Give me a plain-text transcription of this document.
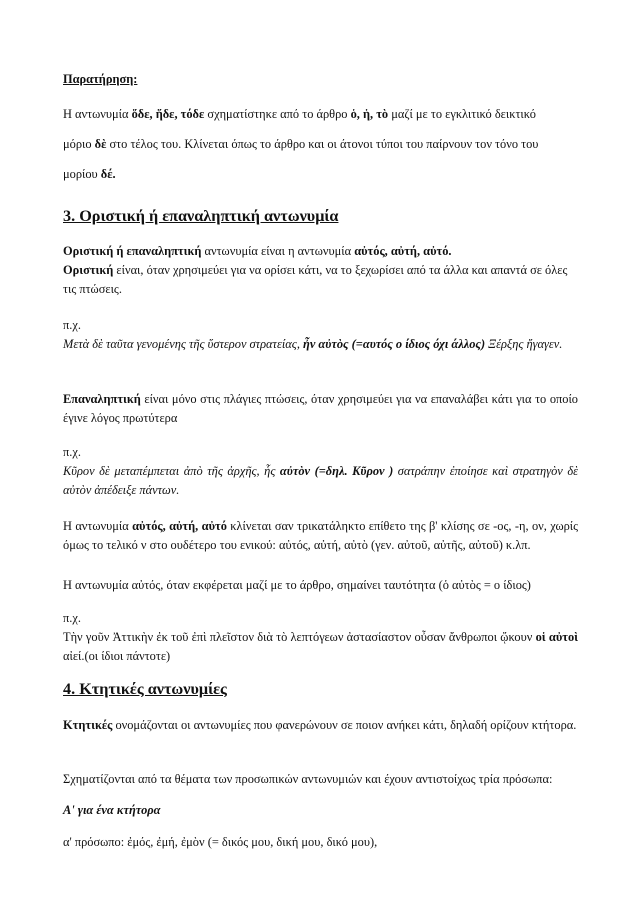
Παρατήρηση:
Η αντωνυμία ὅδε, ἥδε, τόδε σχηματίστηκε από το άρθρο ὁ, ἡ, τὸ μαζί με το εγκλιτικό δεικτικό
μόριο δὲ στο τέλος του. Κλίνεται όπως το άρθρο και οι άτονοι τύποι του παίρνουν τον τόνο του
μορίου δέ.
3. Οριστική ή επαναληπτική αντωνυμία
Οριστική ή επαναληπτική αντωνυμία είναι η αντωνυμία αὐτός, αὐτή, αὐτό.
Οριστική είναι, όταν χρησιμεύει για να ορίσει κάτι, να το ξεχωρίσει από τα άλλα και απαντά σε όλες τις πτώσεις.
π.χ.
Μετὰ δὲ ταῦτα γενομένης τῆς ὕστερον στρατείας, ἦν αὐτὸς (=αυτός ο ίδιος όχι άλλος) Ξέρξης ἤγαγεν.
Επαναληπτική είναι μόνο στις πλάγιες πτώσεις, όταν χρησιμεύει για να επαναλάβει κάτι για το οποίο έγινε λόγος πρωτύτερα
π.χ.
Κῦρον δὲ μεταπέμπεται ἀπὸ τῆς ἀρχῆς, ἧς αὐτὸν (=δηλ. Κῦρον ) σατράπην ἐποίησε καὶ στρατηγὸν δὲ αὐτὸν ἀπέδειξε πάντων.
Η αντωνυμία αὐτός, αὐτή, αὐτό κλίνεται σαν τρικατάληκτο επίθετο της β' κλίσης σε -ος, -η, ον, χωρίς όμως το τελικό ν στο ουδέτερο του ενικού: αὐτός, αὐτή, αὐτὸ (γεν. αὐτοῦ, αὐτῆς, αὐτοῦ) κ.λπ.
Η αντωνυμία αὐτός, όταν εκφέρεται μαζί με το άρθρο, σημαίνει ταυτότητα (ὁ αὐτὸς = ο ίδιος)
π.χ.
Τὴν γοῦν Ἀττικὴν ἐκ τοῦ ἐπὶ πλεῖστον διὰ τὸ λεπτόγεων ἀστασίαστον οὖσαν ἄνθρωποι ᾤκουν οἱ αὐτοὶ αἰεί.(οι ίδιοι πάντοτε)
4. Κτητικές αντωνυμίες
Κτητικές ονομάζονται οι αντωνυμίες που φανερώνουν σε ποιον ανήκει κάτι, δηλαδή ορίζουν κτήτορα.
Σχηματίζονται από τα θέματα των προσωπικών αντωνυμιών και έχουν αντιστοίχως τρία πρόσωπα:
Α' για ένα κτήτορα
α' πρόσωπο: ἐμός, ἐμή, ἐμὸν (= δικός μου, δική μου, δικό μου),
